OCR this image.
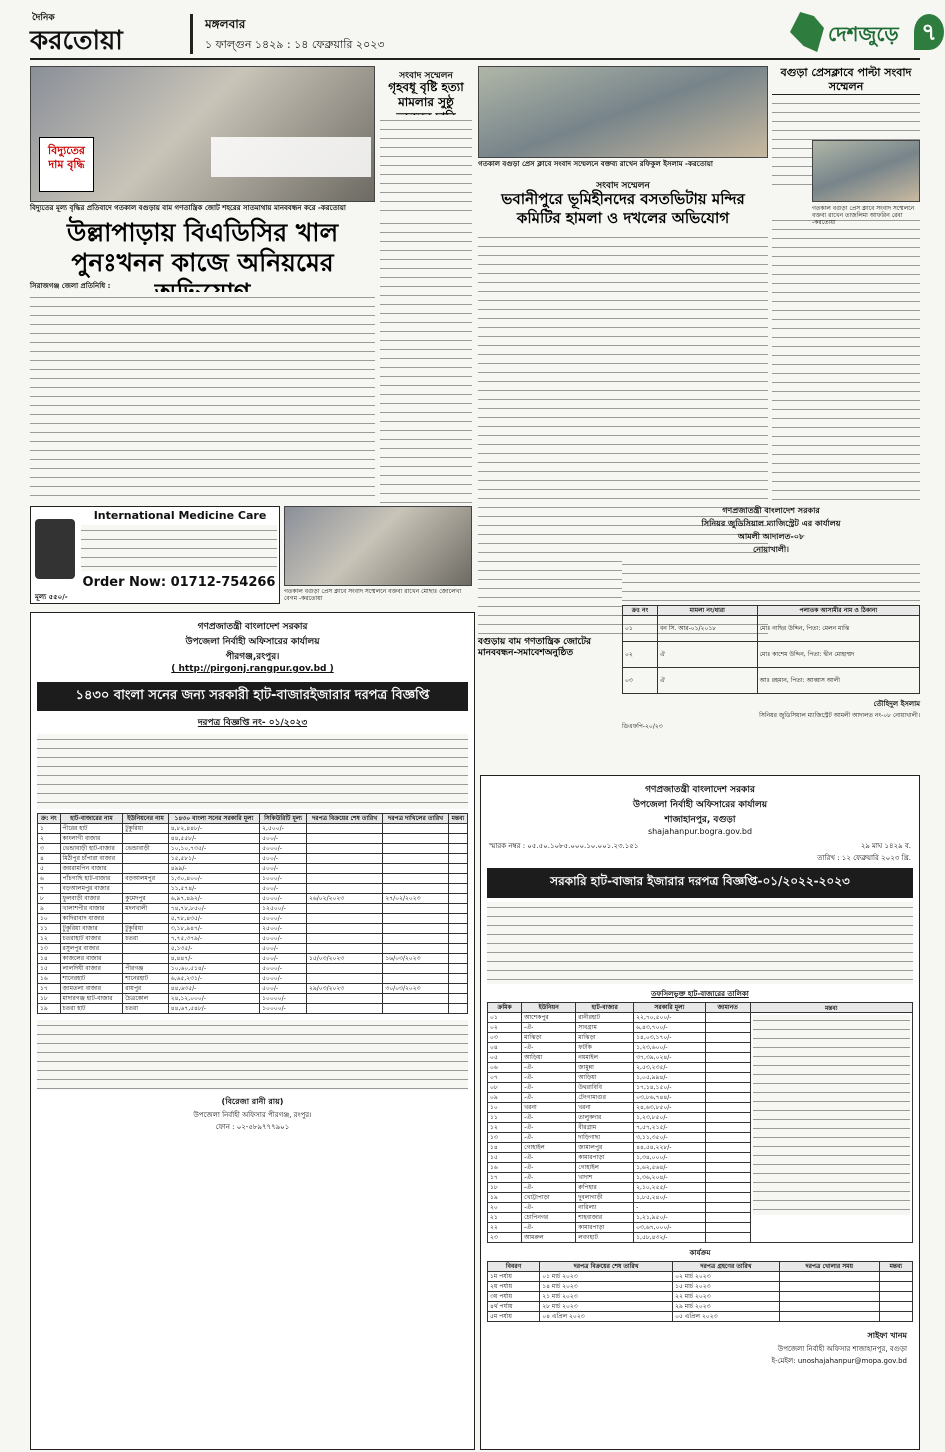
দৈনিক
করতোয়া
মঙ্গলবার
১ ফাল্গুন ১৪২৯ : ১৪ ফেব্রুয়ারি ২০২৩	দেশজুড়ে ৭
বিদ্যুতের দাম বৃদ্ধি
বিদ্যুতের মূল্য বৃদ্ধির প্রতিবাদে গতকাল বগুড়ায় বাম গণতান্ত্রিক জোট শহরের সাতমাথায় মানববন্ধন করে -করতোয়া
সংবাদ সম্মেলন
গৃহবধূ বৃষ্টি হত্যা মামলার সুষ্ঠু
গতকাল বগুড়া প্রেস ক্লাবে সংবাদ সম্মেলনে বক্তব্য রাখেন রফিকুল ইসলাম -করতোয়া
বগুড়া প্রেসক্লাবে পাল্টা সংবাদ সম্মেলন
উল্লাপাড়ায় বিএডিসির খাল পুনঃখনন কাজে অনিয়মের
সিরাজগঞ্জ জেলা প্রতিনিধি :
সংবাদ সম্মেলন
ভবানীপুরে ভূমিহীনদের বসতভিটায় মন্দির কমিটির হামলা ও দখলের অভিযোগ
গতকাল বগুড়া প্রেস ক্লাবে সংবাদ সম্মেলনে বক্তব্য রাখেন তাজলিমা আফরিন রেবা -করতোয়া
International Medicine Care
Order Now: 01712-754266
মূল্য ৫৫০/-
গতকাল বগুড়া প্রেস ক্লাবে সংবাদ সম্মেলনে বক্তব্য রাখেন মোছাঃ জোলেখা বেগম -করতোয়া
বগুড়ায় বাম গণতান্ত্রিক জোটের মানববন্ধন-সমাবেশঅনুষ্ঠিত
গণপ্রজাতন্ত্রী বাংলাদেশ সরকার
সিনিয়র জুডিসিয়াল ম্যাজিস্ট্রেট এর কার্যালয়
আমলী আদালত-০৮
নোয়াখালী।
ক্রঃ নং	মামলা নং/ধারা	পলাতক আসামীর নাম ও ঠিকানা
০১	বন সি. আর-০১/২০১৮	মোঃ নাছির উদ্দিন, পিতা: মেলন মাঝি
০২	ঐ	মোঃ কাশেম উদ্দিন, পিতা: দ্বীন মোহাম্মদ
০৩	ঐ	আঃ রহমান, পিতা: আব্বাস আলী
তৌহিদুল ইসলাম
সিনিয়র জুডিসিয়াল ম্যাজিস্ট্রেট আমলী আদালত নং-০৮ নোয়াখালী।
ডিএফপি-২০/২৩
গণপ্রজাতন্ত্রী বাংলাদেশ সরকার
উপজেলা নির্বাহী অফিসারের কার্যালয়
পীরগঞ্জ,রংপুর।
( http://pirgonj.rangpur.gov.bd )
১৪৩০ বাংলা সনের জন্য সরকারী হাট-বাজারইজারার দরপত্র বিজ্ঞপ্তি
দরপত্র বিজ্ঞপ্তি নং- ০১/২০২৩
ক্র: নং	হাট-বাজারের নাম	ইউনিয়নের নাম	১৪৩০ বাংলা সনের সরকারি মূল্য	সিকিউরিটি মূল্য	দরপত্র বিক্রয়ের শেষ তারিখ	দরপত্র দাখিলের তারিখ	মন্তব্য
১	পীরের হাট	টুকুরিয়া	৪,৮২,৪৪৮/-	২,৫০০/-			
২	কাংলাগী বাজার		৪৪,৫৫৮/-	৫০০/-			
৩	ভেন্ডাবাড়ী হাট-বাজার	ভেন্ডাবাড়ী	১০,১০,৭৩৫/-	৫০০০/-			
৪	মিঠীপুর চাঁপারা বাজার		১৫,৫৮১/-	৫০০/-			
৫	জয়রামপিন বাজার		৪৯৯/-	৫০০/-			
৬	পাঁচগাছি হাট-বাজার	বড়আলমপুর	১,৩০,৪০০/-	১০০০/-			
৭	বড়আলমপুর বাজার		১১,৫৭৪/-	৫০০/-			
৮	ফুলবাড়ী বাজার	কুমেদপুর	৬,৯৭,৪৯২/-	৫০০০/-	২৬/০২/২০২৩	২৭/০২/২০২৩	
৯	খালাশপীর বাজার	মদনখালী	৭৪,৭৮,৮৫০/-	১২৫০০/-			
১০	কাদিরাবাদ বাজার		৫,৭৮,৪৩৫/-	৫০০০/-			
১১	টুকুরিয়া বাজার	টুকুরিয়া	৩,১৮,৯৪৭/-	২৫০০/-			
১২	চতরাহাট বাজার	চতরা	৭,৭৫,৩৭৯/-	৫০০০/-			
১৩	রসুলপুর বাজার		৫,১৩৫/-	৫০০/-			
১৪	কাজলের বাজার		৪,৪৪৭/-	৫০০/-	১৫/০৩/২০২৩	১৬/০৩/২০২৩	
১৫	লালদিঘী বাজার	পীরগঞ্জ	১০,৬০,৫১৪/-	৫০০০/-			
১৬	শানেরহাট	শানেরহাট	৬,৬৫,২৩১/-	৫০০০/-			
১৭	জামতলা বাজার	রায়পুর	৪৪,৬৩৫/-	৫০০/-	২৯/০৩/২০২৩	৩০/০৩/২০২৩	
১৮	মাদারগঞ্জ হাট-বাজার	চৈত্রকোল	২৪,১২,০০০/-	১০০০০/-			
১৯	চতরা হাট	চতরা	৪৪,৬৭,৫৪৮/-	১০০০০/-			
(বিরেজা রানী রায়)
উপজেলা নির্বাহী অফিসার পীরগঞ্জ, রংপুর।
ফোন : ০২-৫৮৯৭৭৭৯০১
গণপ্রজাতন্ত্রী বাংলাদেশ সরকার
উপজেলা নির্বাহী অফিসারের কার্যালয়
শাজাহানপুর, বগুড়া
shajahanpur.bogra.gov.bd
স্মারক নম্বর : ০৫.৫০.১০৮৫.০০০.১০.০০১.২৩.১৫১	২৯ মাঘ ১৪২৯ ব.
তারিখ : ১২ ফেব্রুয়ারি ২০২৩ খ্রি.
সরকারি হাট-বাজার ইজারার দরপত্র বিজ্ঞপ্তি-০১/২০২২-২০২৩
তফসিলভুক্ত হাট-বাজারের তালিকা
ক্রমিক	ইউনিয়ন	হাট-বাজার	সরকারি মূল্য	জামানত
০১	আশেকপুর	রানীরহাট	২২,৭০,৫০০/-	
০২	-ঐ-	সাবগ্রাম	৬,৪৩,৭০০/-	
০৩	মাঝিড়া	মাঝিড়া	১৪,০৩,১৭০/-	
০৪	-ঐ-	ফটকি	১,২৩,৬০০/-	
০৫	আড়িয়া	নয়মাইল	৩৭,৩৯,০২৪/-	
০৬	-ঐ-	জামুন্না	২,৫৩,২৩৫/-	
০৭	-ঐ-	আড়িয়া	১,০৫,৯৯৪/-	
০৮	-ঐ-	উথরাবিবি	১৭,১৪,১৫০/-	
০৯	-ঐ-	টেংগামাগুর	০৩,৮৬,৭৪৪/-	
১০	খরনা	খরনা	২৪,৬৩,৮৫০/-	
১১	-ঐ-	তালুকদার	১,২৩,৮৫০/-	
১২	-ঐ-	বীরগ্রাম	৭,৫৭,২১৫/-	
১৩	-ঐ-	দাড়িগাছা	৩,১১,৩৫০/-	
১৪	গোহাইল	জামালপুর	৪৪,৫৪,২২৮/-	
১৫	-ঐ-	কামারপাড়া	১,৩৪,০০০/-	
১৬	-ঐ-	গোহাইল	১,৬২,৫৬৪/-	
১৭	-ঐ-	খাদাশ	১,৩৬,২০৪/-	
১৮	-ঐ-	রুপিহার	২,১০,২৫৫/-	
১৯	খোট্টাপাড়া	দুবলাগাড়ী	১,৮৫,২৪০/-	
২০	-ঐ-	নারিল্যা	-	
২১	চোপিনগর	শাহবাজার	১,২১,৯৫০/-	
২২	-ঐ-	কামারপাড়া	০৩,৬৭,০০০/-	
২৩	আমরুল	লবণহাট	১,৫৮,৪৩২/-	
মন্তব্য
কার্যক্রম
বিবরণ	দরপত্র বিক্রয়ের শেষ তারিখ	দরপত্র গ্রহণের তারিখ	দরপত্র খোলার সময়	মন্তব্য
১ম পর্যায়	০১ মার্চ ২০২৩	০২ মার্চ ২০২৩		
২য় পর্যায়	১৪ মার্চ ২০২৩	১৫ মার্চ ২০২৩		
৩য় পর্যায়	২১ মার্চ ২০২৩	২২ মার্চ ২০২৩		
৪র্থ পর্যায়	২৮ মার্চ ২০২৩	২৯ মার্চ ২০২৩		
৫ম পর্যায়	০৪ এপ্রিল ২০২৩	০৫ এপ্রিল ২০২৩		
সাইফা খানম
উপজেলা নির্বাহী অফিসার শাজাহানপুর, বগুড়া
ই-মেইল: unoshajahanpur@mopa.gov.bd
